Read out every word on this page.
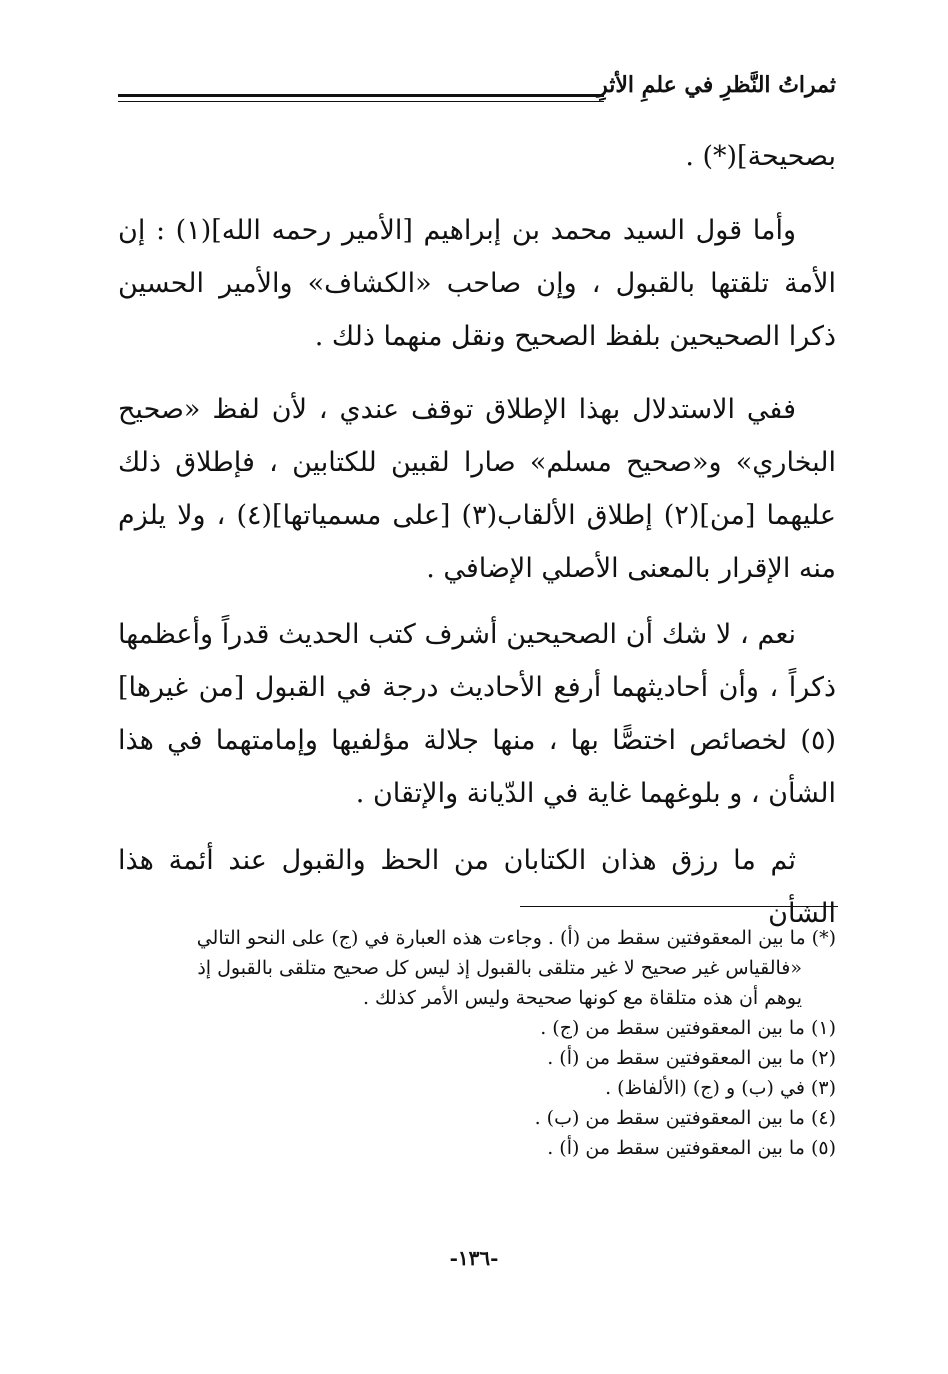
ثمراتُ النَّظرِ في علمِ الأثرِ
بصحيحة](*) .
وأما قول السيد محمد بن إبراهيم [الأمير رحمه الله](١) : إن الأمة تلقتها بالقبول ، وإن صاحب «الكشاف» والأمير الحسين ذكرا الصحيحين بلفظ الصحيح ونقل منهما ذلك .
ففي الاستدلال بهذا الإطلاق توقف عندي ، لأن لفظ «صحيح البخاري» و«صحيح مسلم» صارا لقبين للكتابين ، فإطلاق ذلك عليهما [من](٢) إطلاق الألقاب(٣) [على مسمياتها](٤) ، ولا يلزم منه الإقرار بالمعنى الأصلي الإضافي .
نعم ، لا شك أن الصحيحين أشرف كتب الحديث قدراً وأعظمها ذكراً ، وأن أحاديثهما أرفع الأحاديث درجة في القبول [من غيرها](٥) لخصائص اختصًّا بها ، منها جلالة مؤلفيها وإمامتهما في هذا الشأن ، و بلوغهما غاية في الدّيانة والإتقان .
ثم ما رزق هذان الكتابان من الحظ والقبول عند أئمة هذا الشأن
(*) ما بين المعقوفتين سقط من (أ) . وجاءت هذه العبارة في (ج) على النحو التالي
«فالقياس غير صحيح لا غير متلقى بالقبول إذ ليس كل صحيح متلقى بالقبول إذ
يوهم أن هذه متلقاة مع كونها صحيحة وليس الأمر كذلك .
(١) ما بين المعقوفتين سقط من (ج) .
(٢) ما بين المعقوفتين سقط من (أ) .
(٣) في (ب) و (ج) (الألفاظ) .
(٤) ما بين المعقوفتين سقط من (ب) .
(٥) ما بين المعقوفتين سقط من (أ) .
-١٣٦-
